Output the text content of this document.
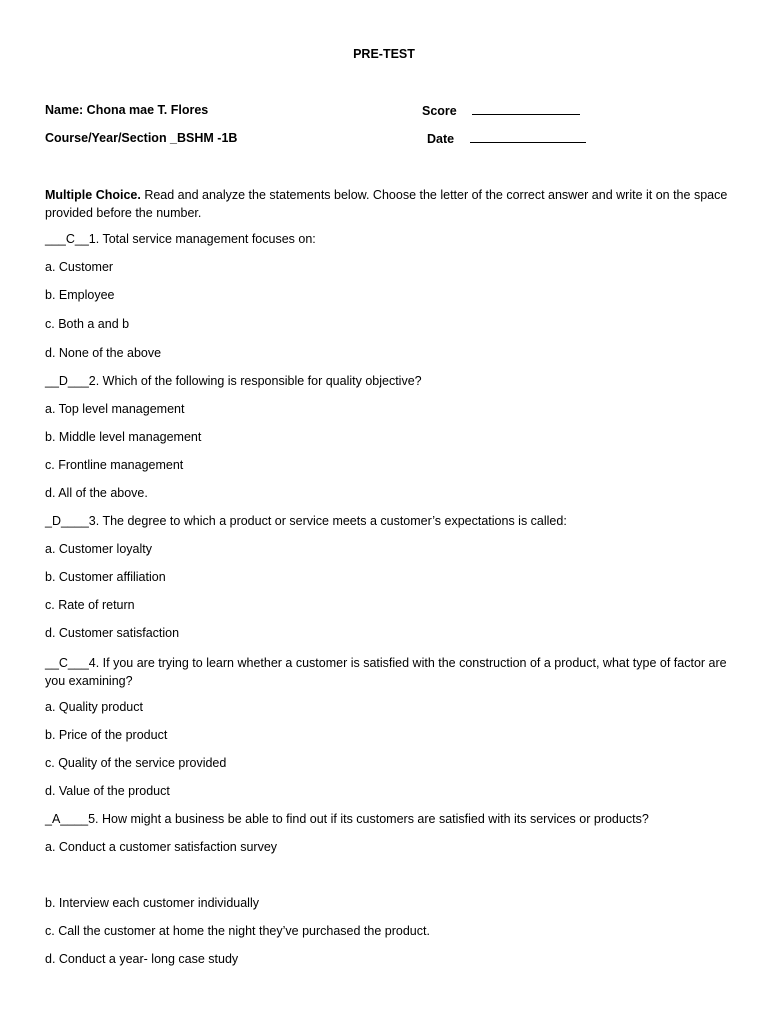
PRE-TEST
Name: Chona mae T. Flores	Score
Course/Year/Section _BSHM -1B	Date
Multiple Choice. Read and analyze the statements below. Choose the letter of the correct answer and write it on the space provided before the number.
___C__1. Total service management focuses on:
a. Customer
b. Employee
c. Both a and b
d. None of the above
__D___2. Which of the following is responsible for quality objective?
a. Top level management
b. Middle level management
c. Frontline management
d. All of the above.
_D____3. The degree to which a product or service meets a customer’s expectations is called:
a. Customer loyalty
b. Customer affiliation
c. Rate of return
d. Customer satisfaction
__C___4. If you are trying to learn whether a customer is satisfied with the construction of a product, what type of factor are you examining?
a. Quality product
b. Price of the product
c. Quality of the service provided
d. Value of the product
_A____5. How might a business be able to find out if its customers are satisfied with its services or products?
a. Conduct a customer satisfaction survey
b. Interview each customer individually
c. Call the customer at home the night they’ve purchased the product.
d. Conduct a year- long case study
